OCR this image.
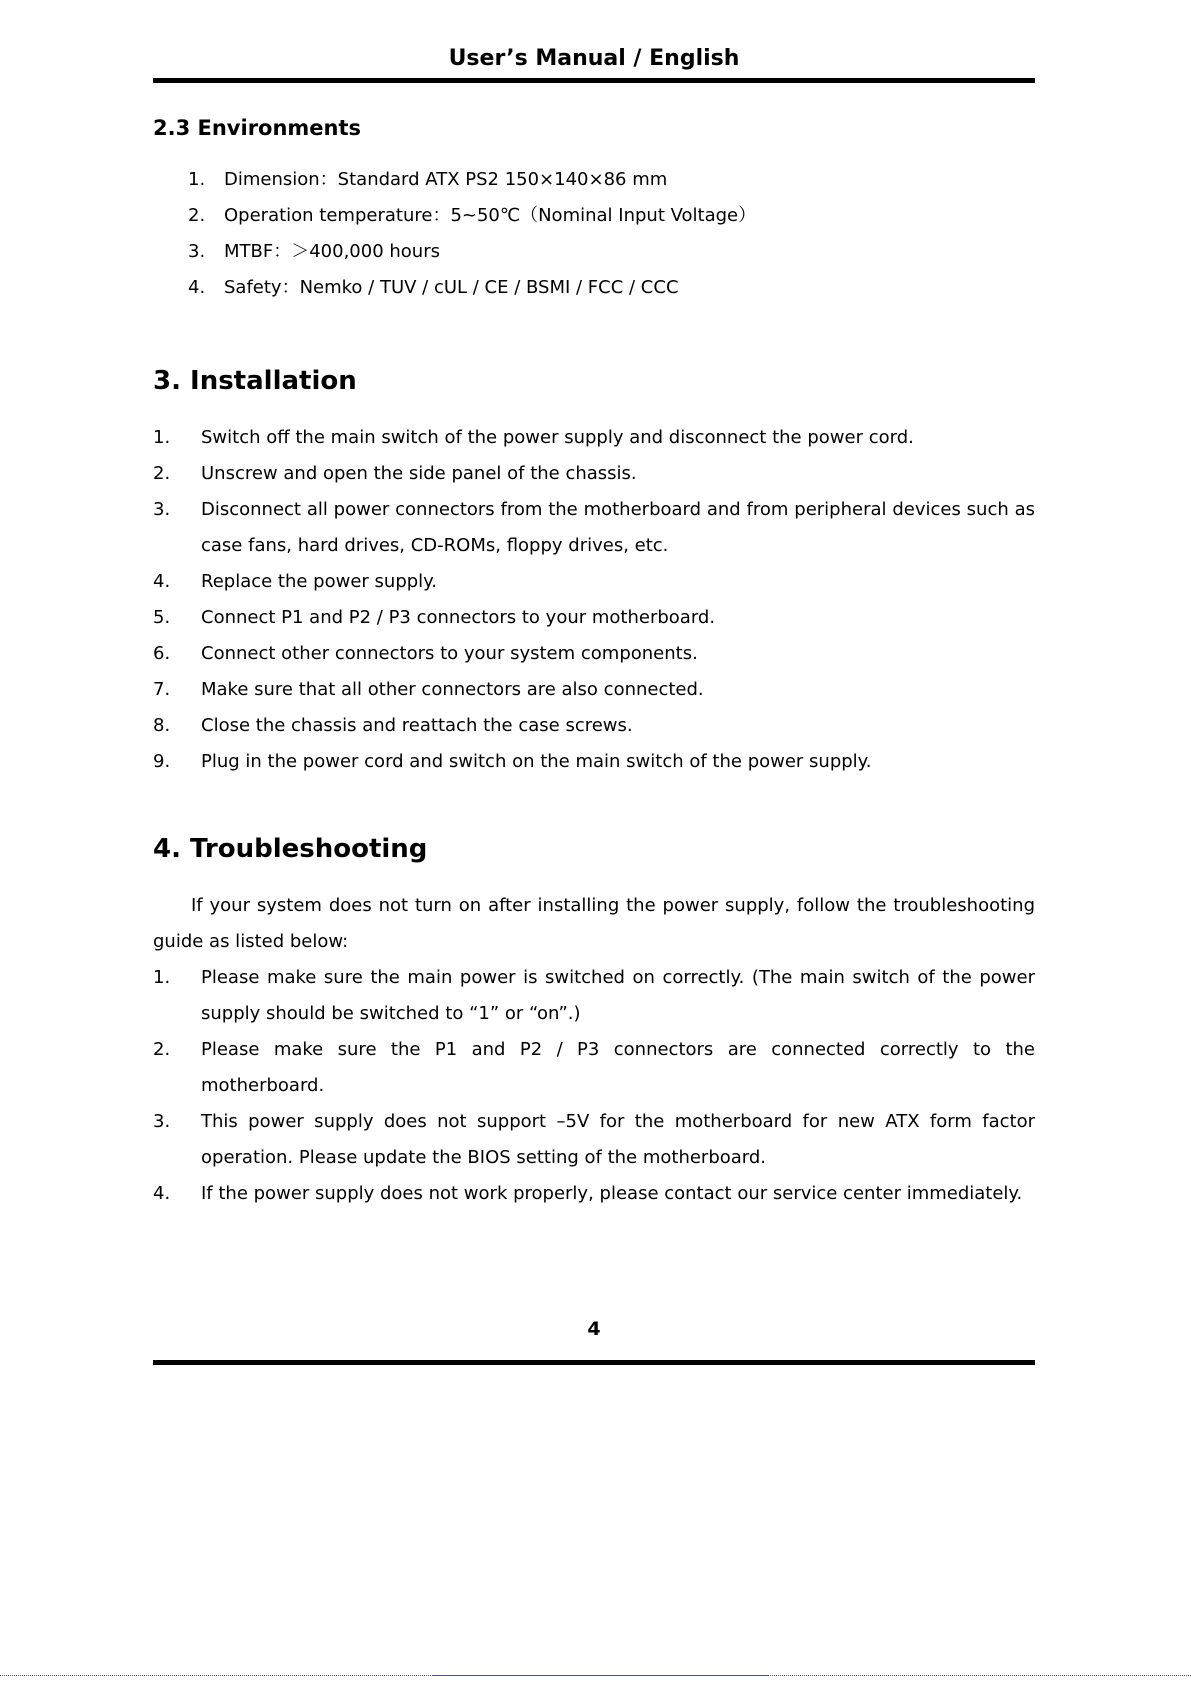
User’s Manual / English
2.3 Environments
1. Dimension：Standard ATX PS2 150×140×86 mm
2. Operation temperature：5~50℃（Nominal Input Voltage）
3. MTBF：＞400,000 hours
4. Safety：Nemko / TUV / cUL / CE / BSMI / FCC / CCC
3. Installation
1. Switch off the main switch of the power supply and disconnect the power cord.
2. Unscrew and open the side panel of the chassis.
3. Disconnect all power connectors from the motherboard and from peripheral devices such as case fans, hard drives, CD-ROMs, floppy drives, etc.
4. Replace the power supply.
5. Connect P1 and P2 / P3 connectors to your motherboard.
6. Connect other connectors to your system components.
7. Make sure that all other connectors are also connected.
8. Close the chassis and reattach the case screws.
9. Plug in the power cord and switch on the main switch of the power supply.
4. Troubleshooting

If your system does not turn on after installing the power supply, follow the troubleshooting guide as listed below:

1. Please make sure the main power is switched on correctly. (The main switch of the power supply should be switched to “1” or “on”.)
2. Please make sure the P1 and P2 / P3 connectors are connected correctly to the motherboard.
3. This power supply does not support –5V for the motherboard for new ATX form factor operation. Please update the BIOS setting of the motherboard.
4. If the power supply does not work properly, please contact our service center immediately.
4
